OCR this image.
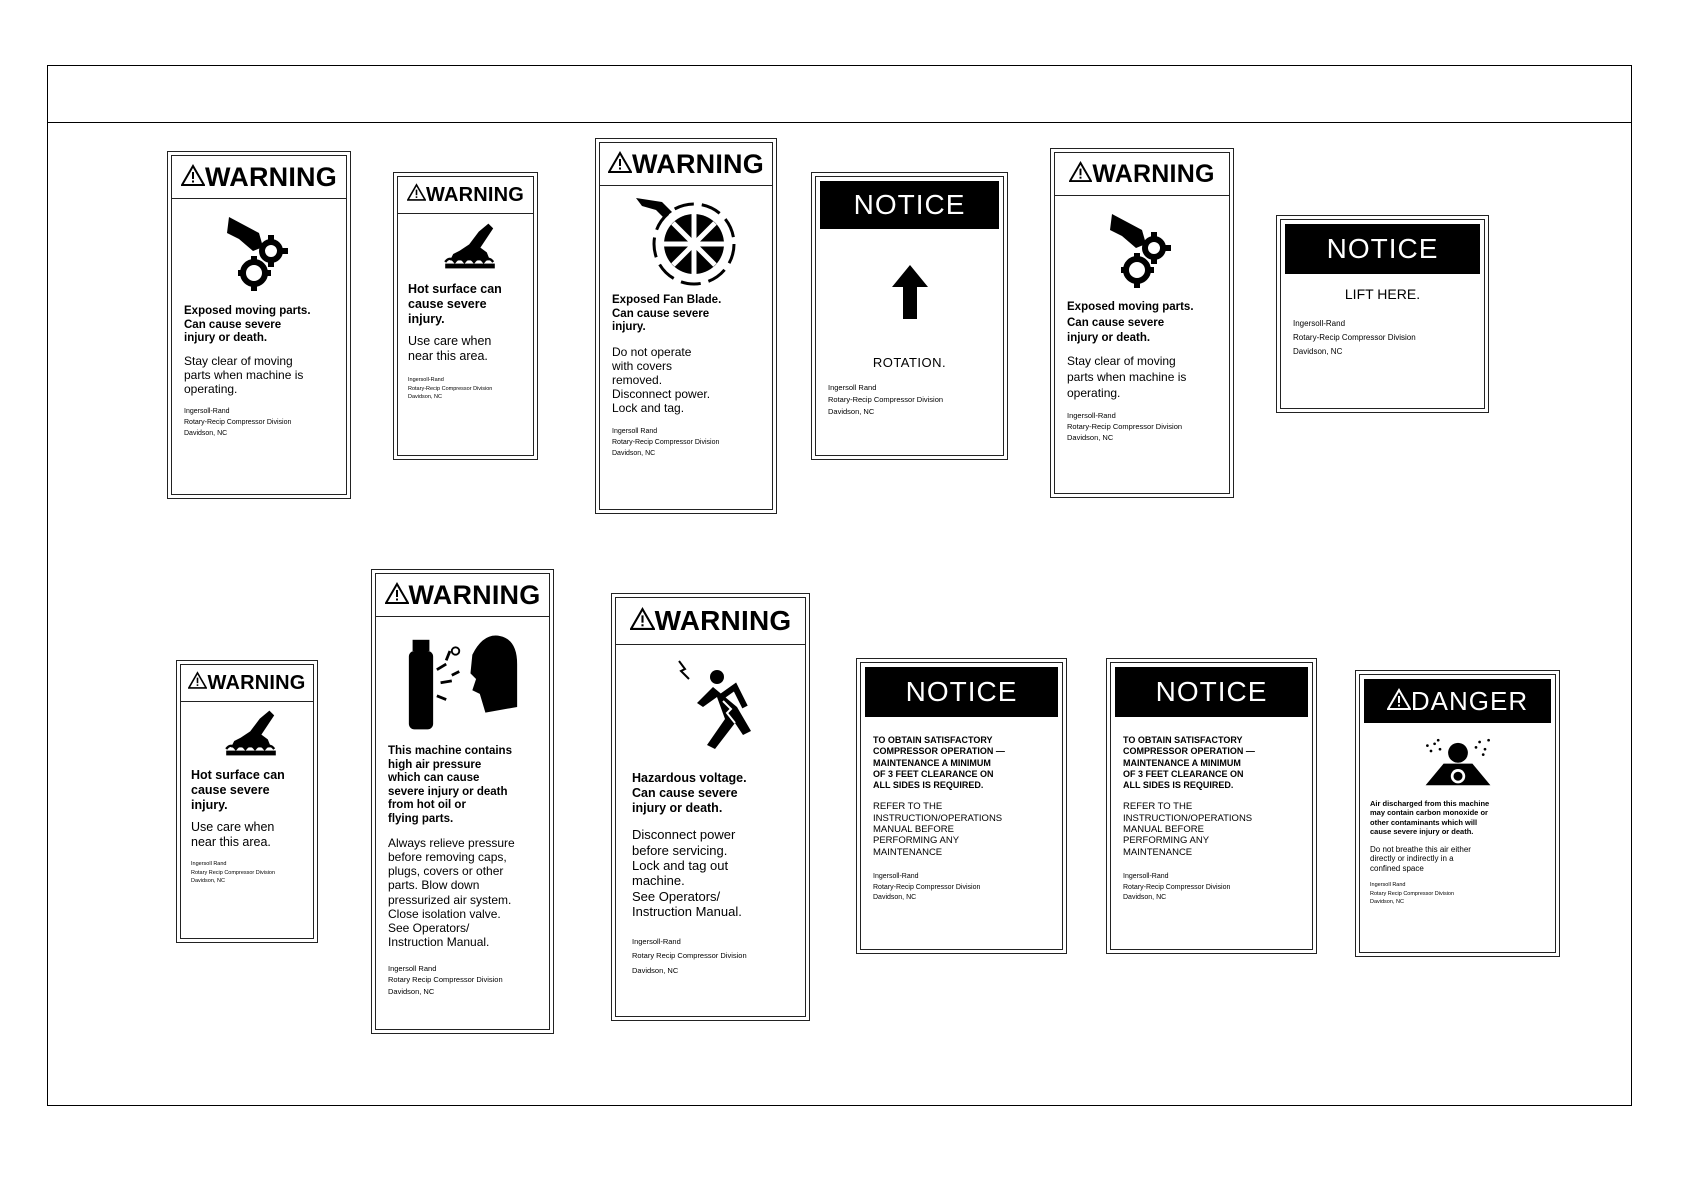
WARNING
Exposed moving parts.
Can cause severe
injury or death.
Stay clear of moving
parts when machine is
operating.
Ingersoll-Rand
Rotary-Recip Compressor Division
Davidson, NC
WARNING
Hot surface can
cause severe
injury.
Use care when
near this area.
Ingersoll-Rand
Rotary-Recip Compressor Division
Davidson, NC
WARNING
Exposed Fan Blade.
Can cause severe
injury.
Do not operate
with covers
removed.
Disconnect power.
Lock and tag.
Ingersoll Rand
Rotary-Recip Compressor Division
Davidson, NC
NOTICE
ROTATION.
Ingersoll Rand
Rotary-Recip Compressor Division
Davidson, NC
WARNING
Exposed moving parts.
Can cause severe
injury or death.
Stay clear of moving
parts when machine is
operating.
Ingersoll-Rand
Rotary-Recip Compressor Division
Davidson, NC
NOTICE
LIFT HERE.
Ingersoll-Rand
Rotary-Recip Compressor Division
Davidson, NC
WARNING
Hot surface can
cause severe
injury.
Use care when
near this area.
Ingersoll Rand
Rotary Recip Compressor Division
Davidson, NC
WARNING
This machine contains
high air pressure
which can cause
severe injury or death
from hot oil or
flying parts.
Always relieve pressure
before removing caps,
plugs, covers or other
parts. Blow down
pressurized air system.
Close isolation valve.
See Operators/
Instruction Manual.
Ingersoll Rand
Rotary Recip Compressor Division
Davidson, NC
WARNING
Hazardous voltage.
Can cause severe
injury or death.
Disconnect power
before servicing.
Lock and tag out
machine.
See Operators/
Instruction Manual.
Ingersoll-Rand
Rotary Recip Compressor Division
Davidson, NC
NOTICE
TO OBTAIN SATISFACTORY
COMPRESSOR OPERATION —
MAINTENANCE A MINIMUM
OF 3 FEET CLEARANCE ON
ALL SIDES IS REQUIRED.
REFER TO THE
INSTRUCTION/OPERATIONS
MANUAL BEFORE
PERFORMING ANY
MAINTENANCE
Ingersoll-Rand
Rotary-Recip Compressor Division
Davidson, NC
NOTICE
TO OBTAIN SATISFACTORY
COMPRESSOR OPERATION —
MAINTENANCE A MINIMUM
OF 3 FEET CLEARANCE ON
ALL SIDES IS REQUIRED.
REFER TO THE
INSTRUCTION/OPERATIONS
MANUAL BEFORE
PERFORMING ANY
MAINTENANCE
Ingersoll-Rand
Rotary-Recip Compressor Division
Davidson, NC
DANGER
Air discharged from this machine
may contain carbon monoxide or
other contaminants which will
cause severe injury or death.
Do not breathe this air either
directly or indirectly in a
confined space
Ingersoll Rand
Rotary Recip Compressor Division
Davidson, NC
